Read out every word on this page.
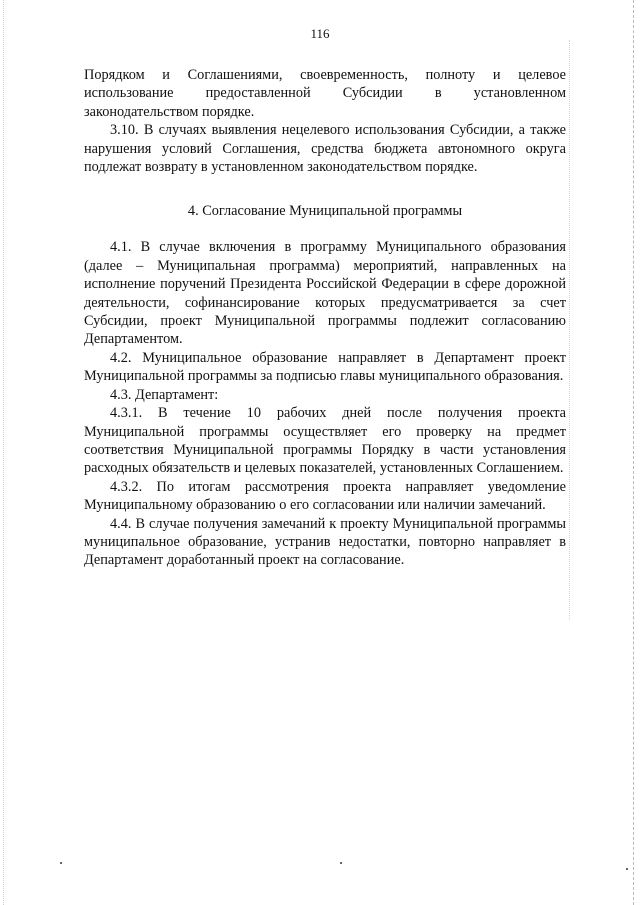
116

Порядком и Соглашениями, своевременность, полноту и целевое использование предоставленной Субсидии в установленном законодательством порядке.

3.10. В случаях выявления нецелевого использования Субсидии, а также нарушения условий Соглашения, средства бюджета автономного округа подлежат возврату в установленном законодательством порядке.

4. Согласование Муниципальной программы

4.1. В случае включения в программу Муниципального образования (далее – Муниципальная программа) мероприятий, направленных на исполнение поручений Президента Российской Федерации в сфере дорожной деятельности, софинансирование которых предусматривается за счет Субсидии, проект Муниципальной программы подлежит согласованию Департаментом.

4.2. Муниципальное образование направляет в Департамент проект Муниципальной программы за подписью главы муниципального образования.

4.3. Департамент:

4.3.1. В течение 10 рабочих дней после получения проекта Муниципальной программы осуществляет его проверку на предмет соответствия Муниципальной программы Порядку в части установления расходных обязательств и целевых показателей, установленных Соглашением.

4.3.2. По итогам рассмотрения проекта направляет уведомление Муниципальному образованию о его согласовании или наличии замечаний.

4.4. В случае получения замечаний к проекту Муниципальной программы муниципальное образование, устранив недостатки, повторно направляет в Департамент доработанный проект на согласование.
